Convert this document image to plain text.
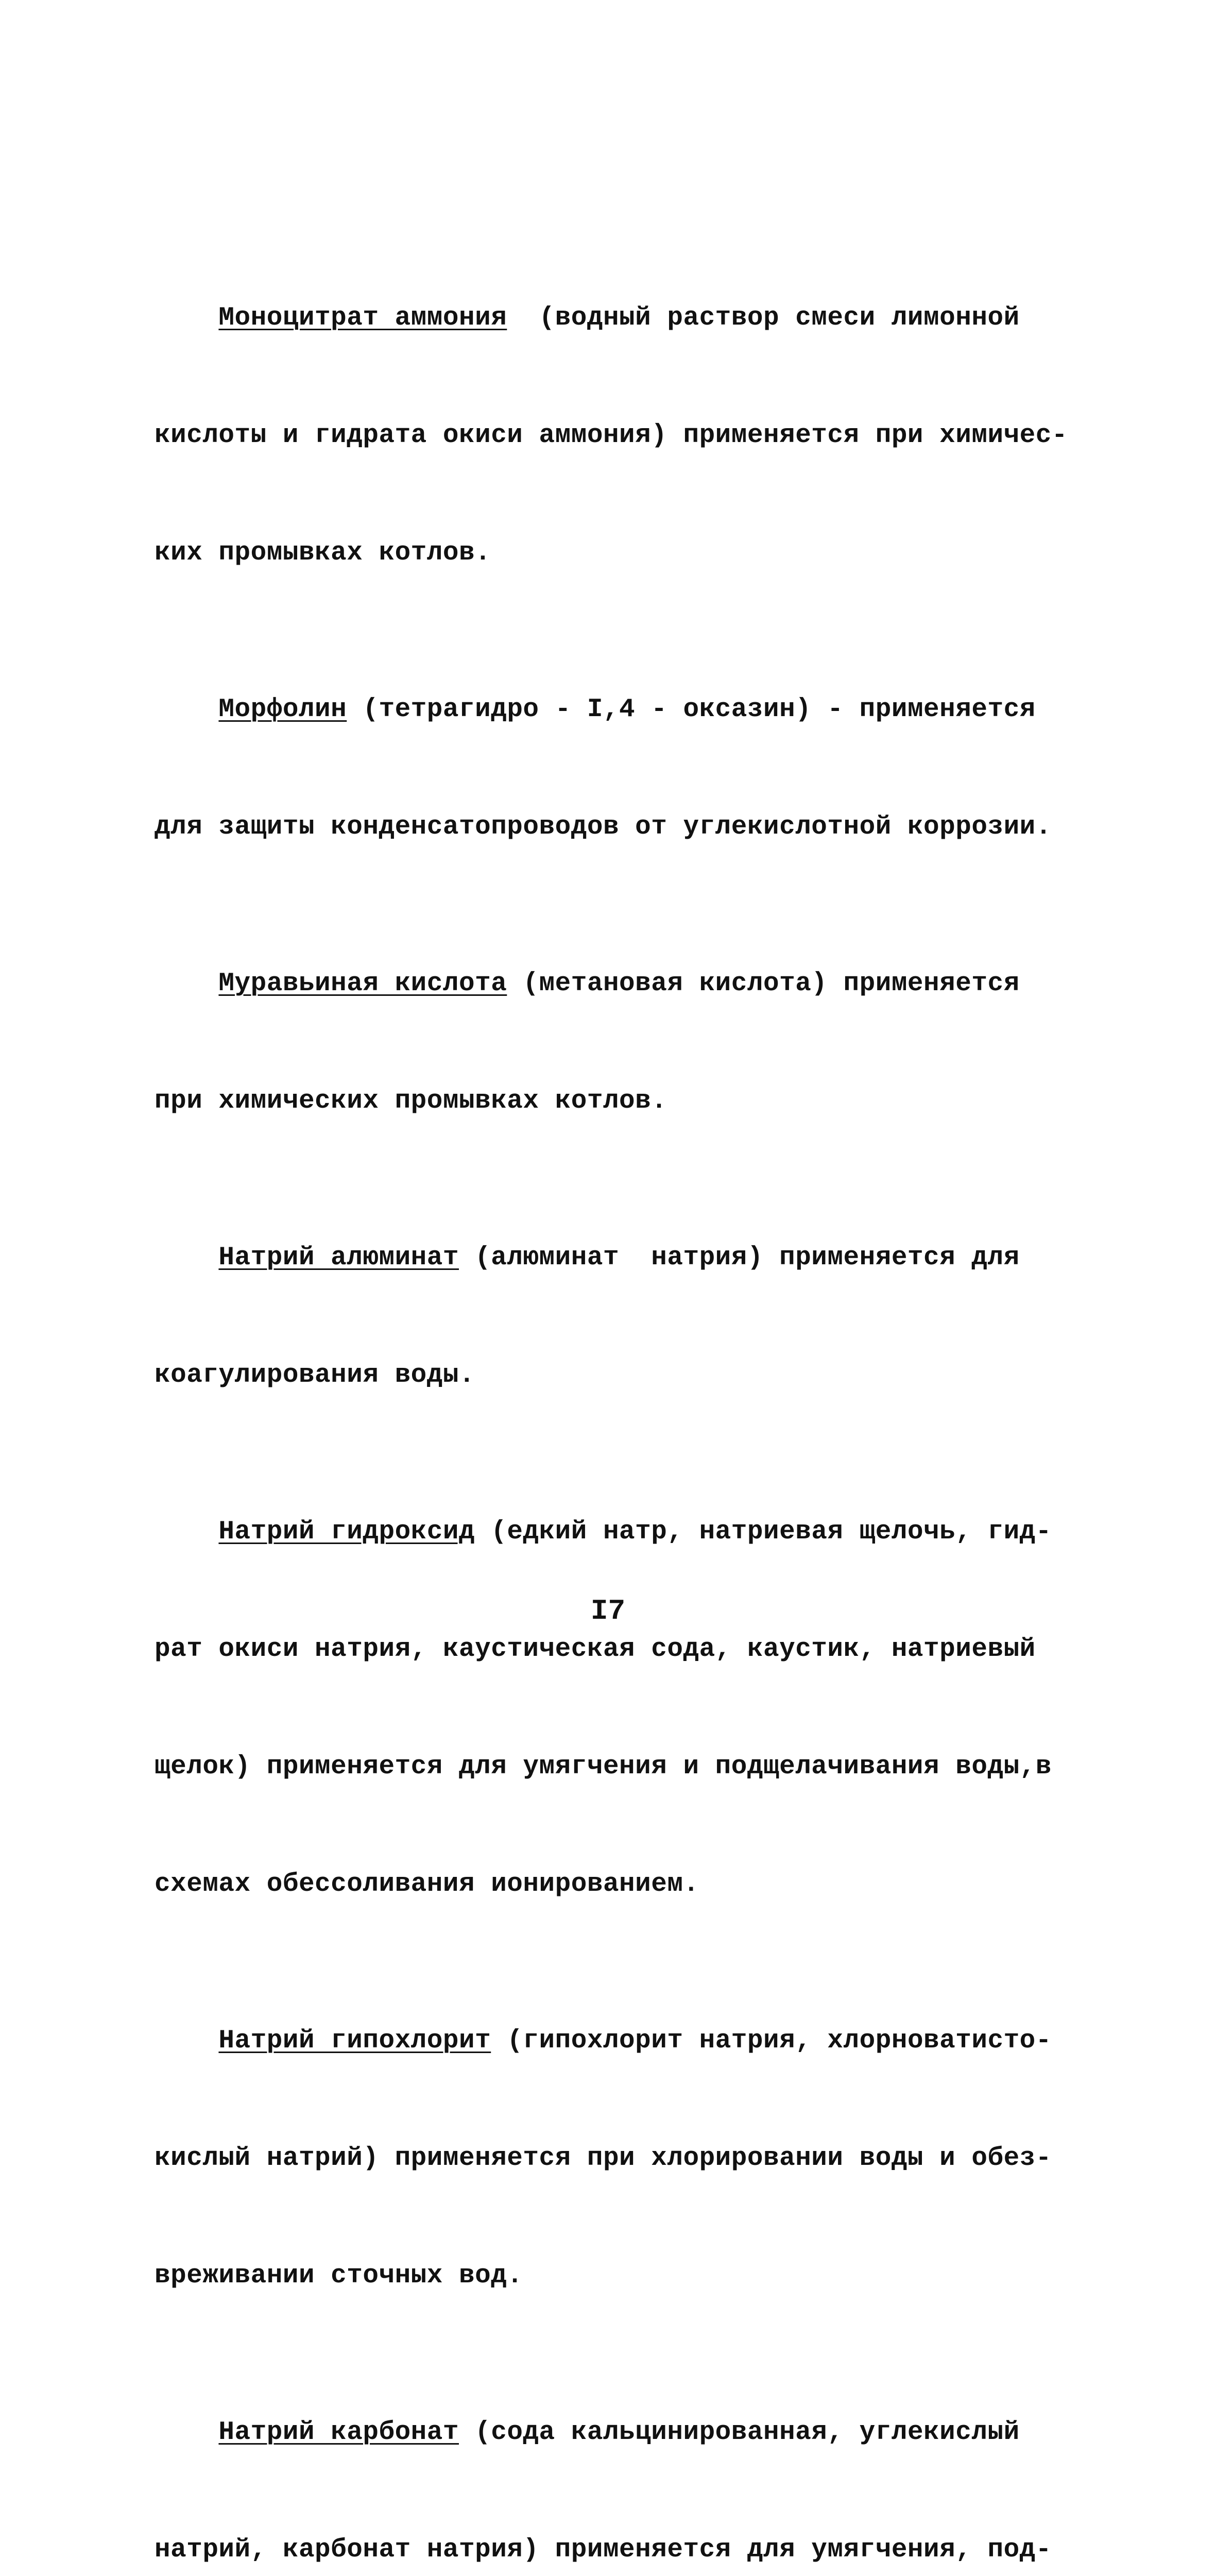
Моноцитрат аммония  (водный раствор смеси лимонной

кислоты и гидрата окиси аммония) применяется при химичес-

ких промывках котлов.

Морфолин (тетрагидро - I,4 - оксазин) - применяется

для защиты конденсатопроводов от углекислотной коррозии.

Муравьиная кислота (метановая кислота) применяется

при химических промывках котлов.

Натрий алюминат (алюминат  натрия) применяется для

коагулирования воды.

Натрий гидроксид (едкий натр, натриевая щелочь, гид-

рат окиси натрия, каустическая сода, каустик, натриевый

щелок) применяется для умягчения и подщелачивания воды,в

схемах обессоливания ионированием.

Натрий гипохлорит (гипохлорит натрия, хлорноватисто-

кислый натрий) применяется при хлорировании воды и обез-

вреживании сточных вод.

Натрий карбонат (сода кальцинированная, углекислый

натрий, карбонат натрия) применяется для умягчения, под-

I7
